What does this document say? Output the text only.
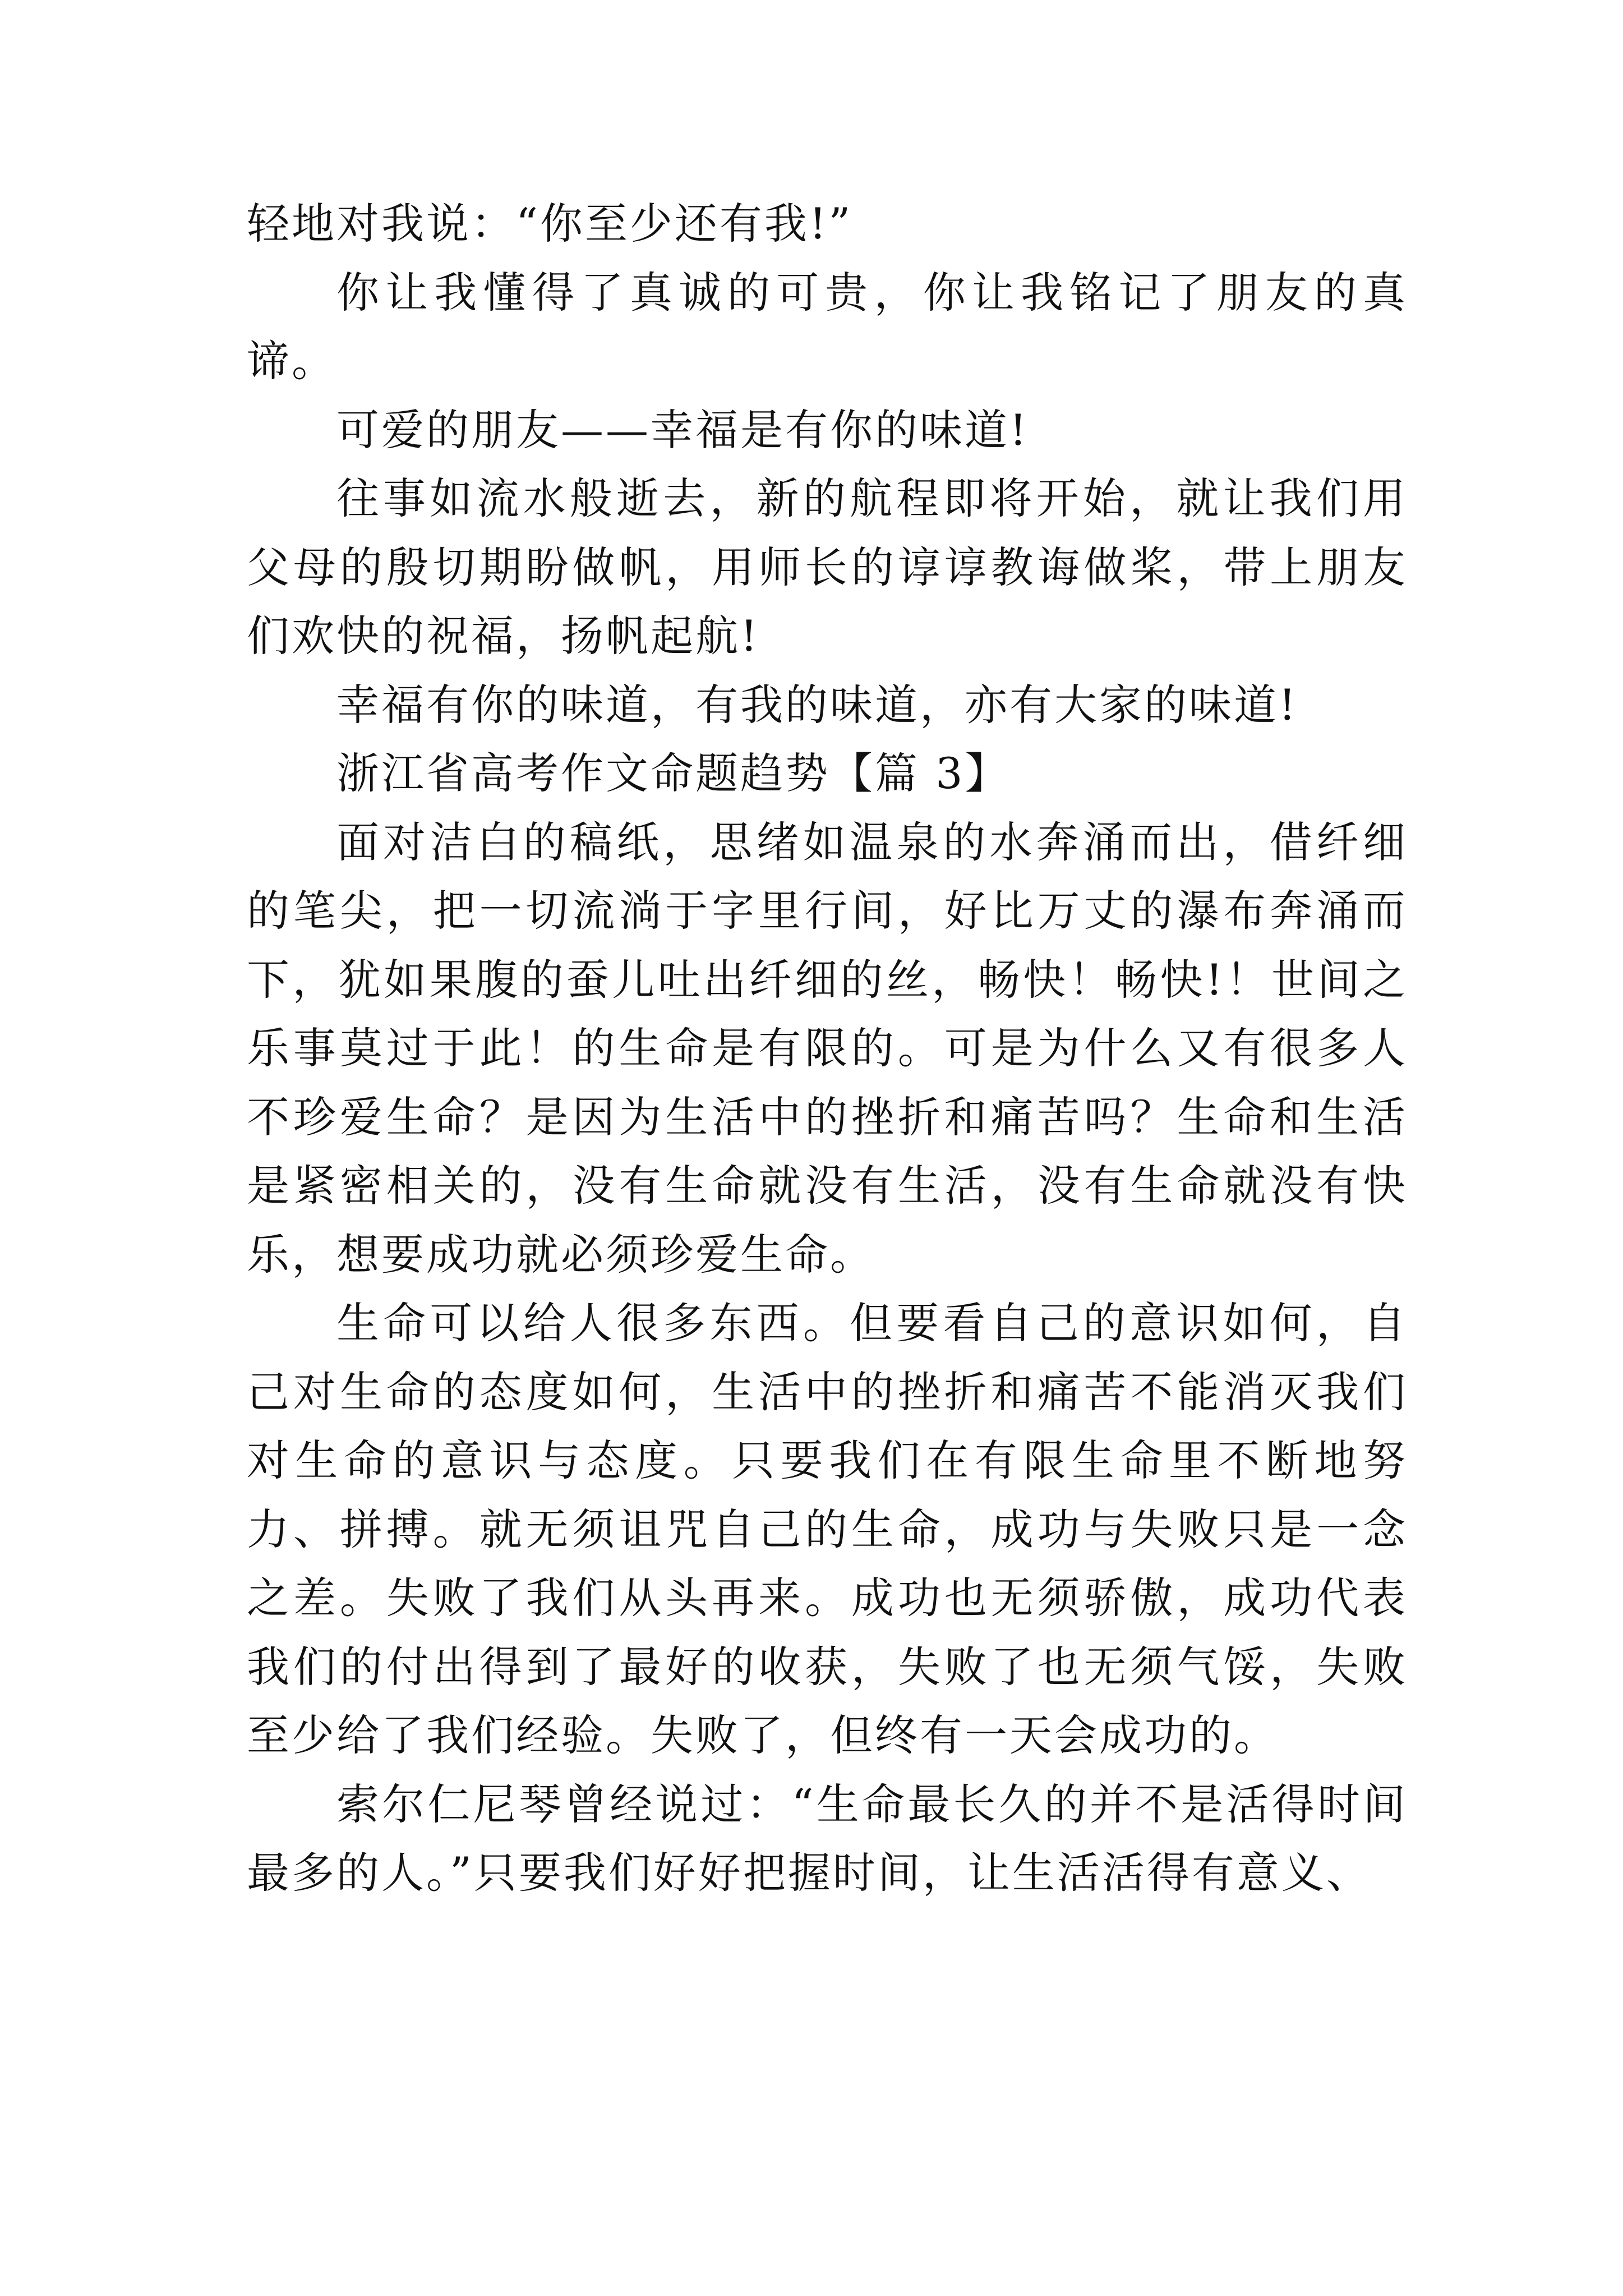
轻地对我说：“你至少还有我!”

你让我懂得了真诚的可贵，你让我铭记了朋友的真谛。

可爱的朋友——幸福是有你的味道!

往事如流水般逝去，新的航程即将开始，就让我们用父母的殷切期盼做帆，用师长的谆谆教诲做桨，带上朋友们欢快的祝福，扬帆起航!

幸福有你的味道，有我的味道，亦有大家的味道!

浙江省高考作文命题趋势【篇 3】

面对洁白的稿纸，思绪如温泉的水奔涌而出，借纤细的笔尖，把一切流淌于字里行间，好比万丈的瀑布奔涌而下，犹如果腹的蚕儿吐出纤细的丝，畅快！畅快!！世间之乐事莫过于此！的生命是有限的。可是为什么又有很多人不珍爱生命？是因为生活中的挫折和痛苦吗？生命和生活是紧密相关的，没有生命就没有生活，没有生命就没有快乐，想要成功就必须珍爱生命。

生命可以给人很多东西。但要看自己的意识如何，自己对生命的态度如何，生活中的挫折和痛苦不能消灭我们对生命的意识与态度。只要我们在有限生命里不断地努力、拼搏。就无须诅咒自己的生命，成功与失败只是一念之差。失败了我们从头再来。成功也无须骄傲，成功代表我们的付出得到了最好的收获，失败了也无须气馁，失败至少给了我们经验。失败了，但终有一天会成功的。

索尔仁尼琴曾经说过：“生命最长久的并不是活得时间最多的人。”只要我们好好把握时间，让生活活得有意义、
